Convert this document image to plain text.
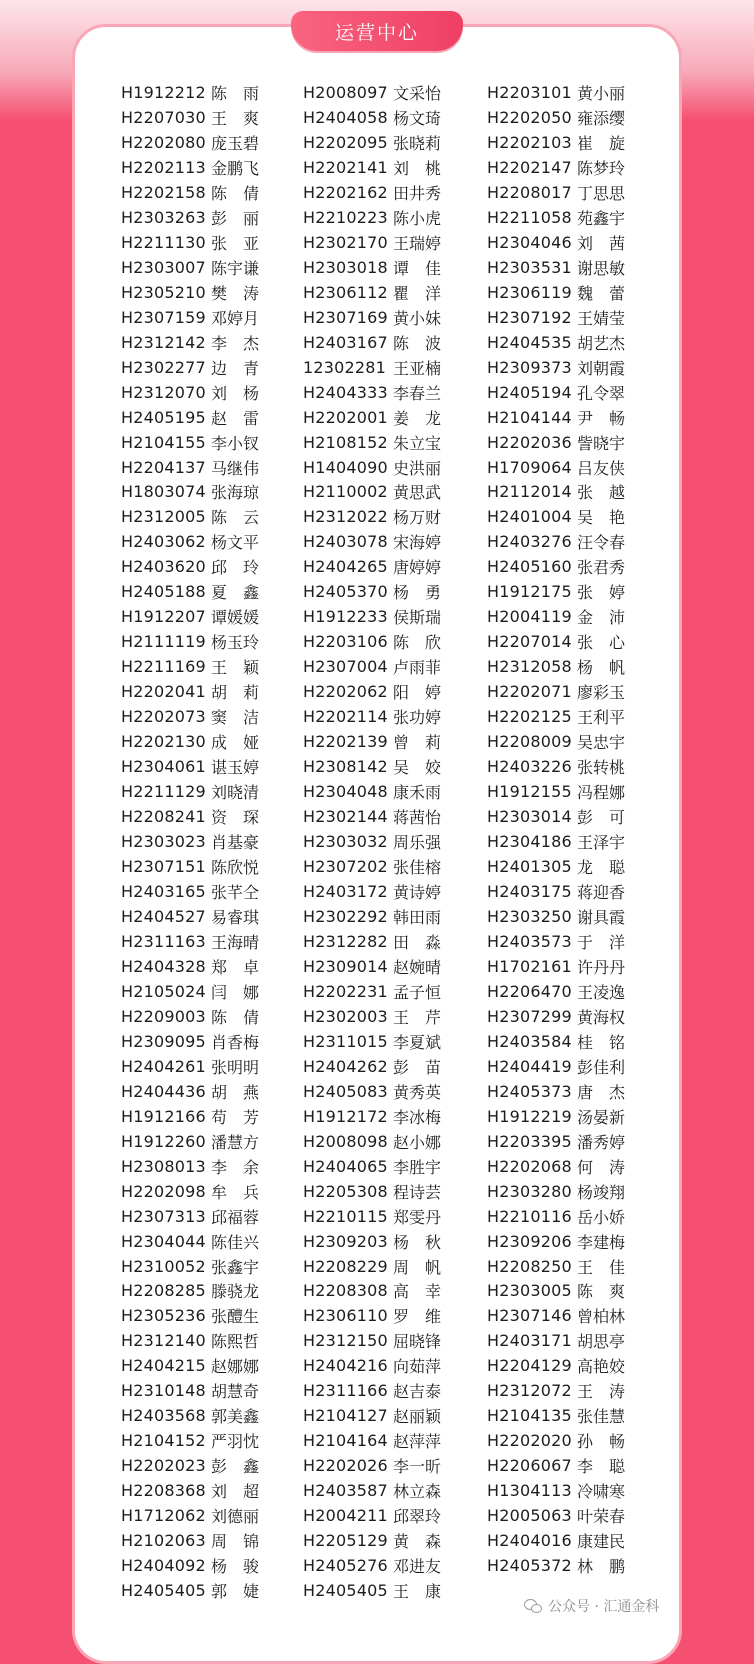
运营中心
H1912212 陈雨 H2008097 文采怡	H2203101 黄小丽
H2207030 王爽 H2404058 杨文琦	H2202050 雍添缨
H2202080 庞玉碧	H2202095 张晓莉	H2202103 崔旋
H2202113 金鹏飞	H2202141 刘桃 H2202147 陈梦玲
H2202158 陈倩 H2202162 田井秀	H2208017 丁思思
H2303263 彭丽 H2210223 陈小虎	H2211058 苑鑫宇
H2211130 张亚 H2302170 王瑞婷	H2304046 刘茜
H2303007 陈宇谦	H2303018 谭佳 H2303531 谢思敏
H2305210 樊涛 H2306112 瞿洋 H2306119 魏蕾
H2307159 邓婷月	H2307169 黄小妹	H2307192 王婧莹
H2312142 李杰 H2403167 陈波 H2404535 胡艺杰
H2302277 边青 12302281 王亚楠	H2309373 刘朝霞
H2312070 刘杨 H2404333 李春兰	H2405194 孔令翠
H2405195 赵雷 H2202001 姜龙 H2104144 尹畅
H2104155 李小钗	H2108152 朱立宝	H2202036 訾晓宇
H2204137 马继伟	H1404090 史洪丽	H1709064 吕友侠
H1803074 张海琼	H2110002 黄思武	H2112014 张越
H2312005 陈云 H2312022 杨万财	H2401004 吴艳
H2403062 杨文平	H2403078 宋海婷	H2403276 汪令春
H2403620 邱玲 H2404265 唐婷婷	H2405160 张君秀
H2405188 夏鑫 H2405370 杨勇 H1912175 张婷
H1912207 谭媛媛	H1912233 侯斯瑞	H2004119 金沛
H2111119 杨玉玲	H2203106 陈欣 H2207014 张心
H2211169 王颖 H2307004 卢雨菲	H2312058 杨帆
H2202041 胡莉 H2202062 阳婷 H2202071 廖彩玉
H2202073 窦洁 H2202114 张功婷	H2202125 王利平
H2202130 成娅 H2202139 曾莉 H2208009 吴忠宇
H2304061 谌玉婷	H2308142 吴姣 H2403226 张转桃
H2211129 刘晓清	H2304048 康禾雨	H1912155 冯程娜
H2208241 资琛 H2302144 蒋茜怡	H2303014 彭可
H2303023 肖基豪	H2303032 周乐强	H2304186 王泽宇
H2307151 陈欣悦	H2307202 张佳榕	H2401305 龙聪
H2403165 张芊仝	H2403172 黄诗婷	H2403175 蒋迎香
H2404527 易睿琪	H2302292 韩田雨	H2303250 谢具霞
H2311163 王海晴	H2312282 田淼 H2403573 于洋
H2404328 郑卓 H2309014 赵婉晴	H1702161 许丹丹
H2105024 闫娜 H2202231 孟子恒	H2206470 王凌逸
H2209003 陈倩 H2302003 王芹 H2307299 黄海权
H2309095 肖香梅	H2311015 李夏斌	H2403584 桂铭
H2404261 张明明	H2404262 彭苗 H2404419 彭佳利
H2404436 胡燕 H2405083 黄秀英	H2405373 唐杰
H1912166 苟芳 H1912172 李冰梅	H1912219 汤晏新
H1912260 潘慧方	H2008098 赵小娜	H2203395 潘秀婷
H2308013 李余 H2404065 李胜宇	H2202068 何涛
H2202098 牟兵 H2205308 程诗芸	H2303280 杨竣翔
H2307313 邱福蓉	H2210115 郑雯丹	H2210116 岳小娇
H2304044 陈佳兴	H2309203 杨秋 H2309206 李建梅
H2310052 张鑫宇	H2208229 周帆 H2208250 王佳
H2208285 滕骁龙	H2208308 高幸 H2303005 陈爽
H2305236 张醴生	H2306110 罗维 H2307146 曾柏林
H2312140 陈熙哲	H2312150 屈晓锋	H2403171 胡思亭
H2404215 赵娜娜	H2404216 向茹萍	H2204129 高艳姣
H2310148 胡慧奇	H2311166 赵吉泰	H2312072 王涛
H2403568 郭美鑫	H2104127 赵丽颖	H2104135 张佳慧
H2104152 严羽忱	H2104164 赵萍萍	H2202020 孙畅
H2202023 彭鑫 H2202026 李一昕	H2206067 李聪
H2208368 刘超 H2403587 林立森	H1304113 冷啸寒
H1712062 刘德丽	H2004211 邱翠玲	H2005063 叶荣春
H2102063 周锦 H2205129 黄森 H2404016 康建民
H2404092 杨骏 H2405276 邓进友	H2405372 林鹏
H2405405 郭婕 H2405405 王康
公众号 · 汇通金科
